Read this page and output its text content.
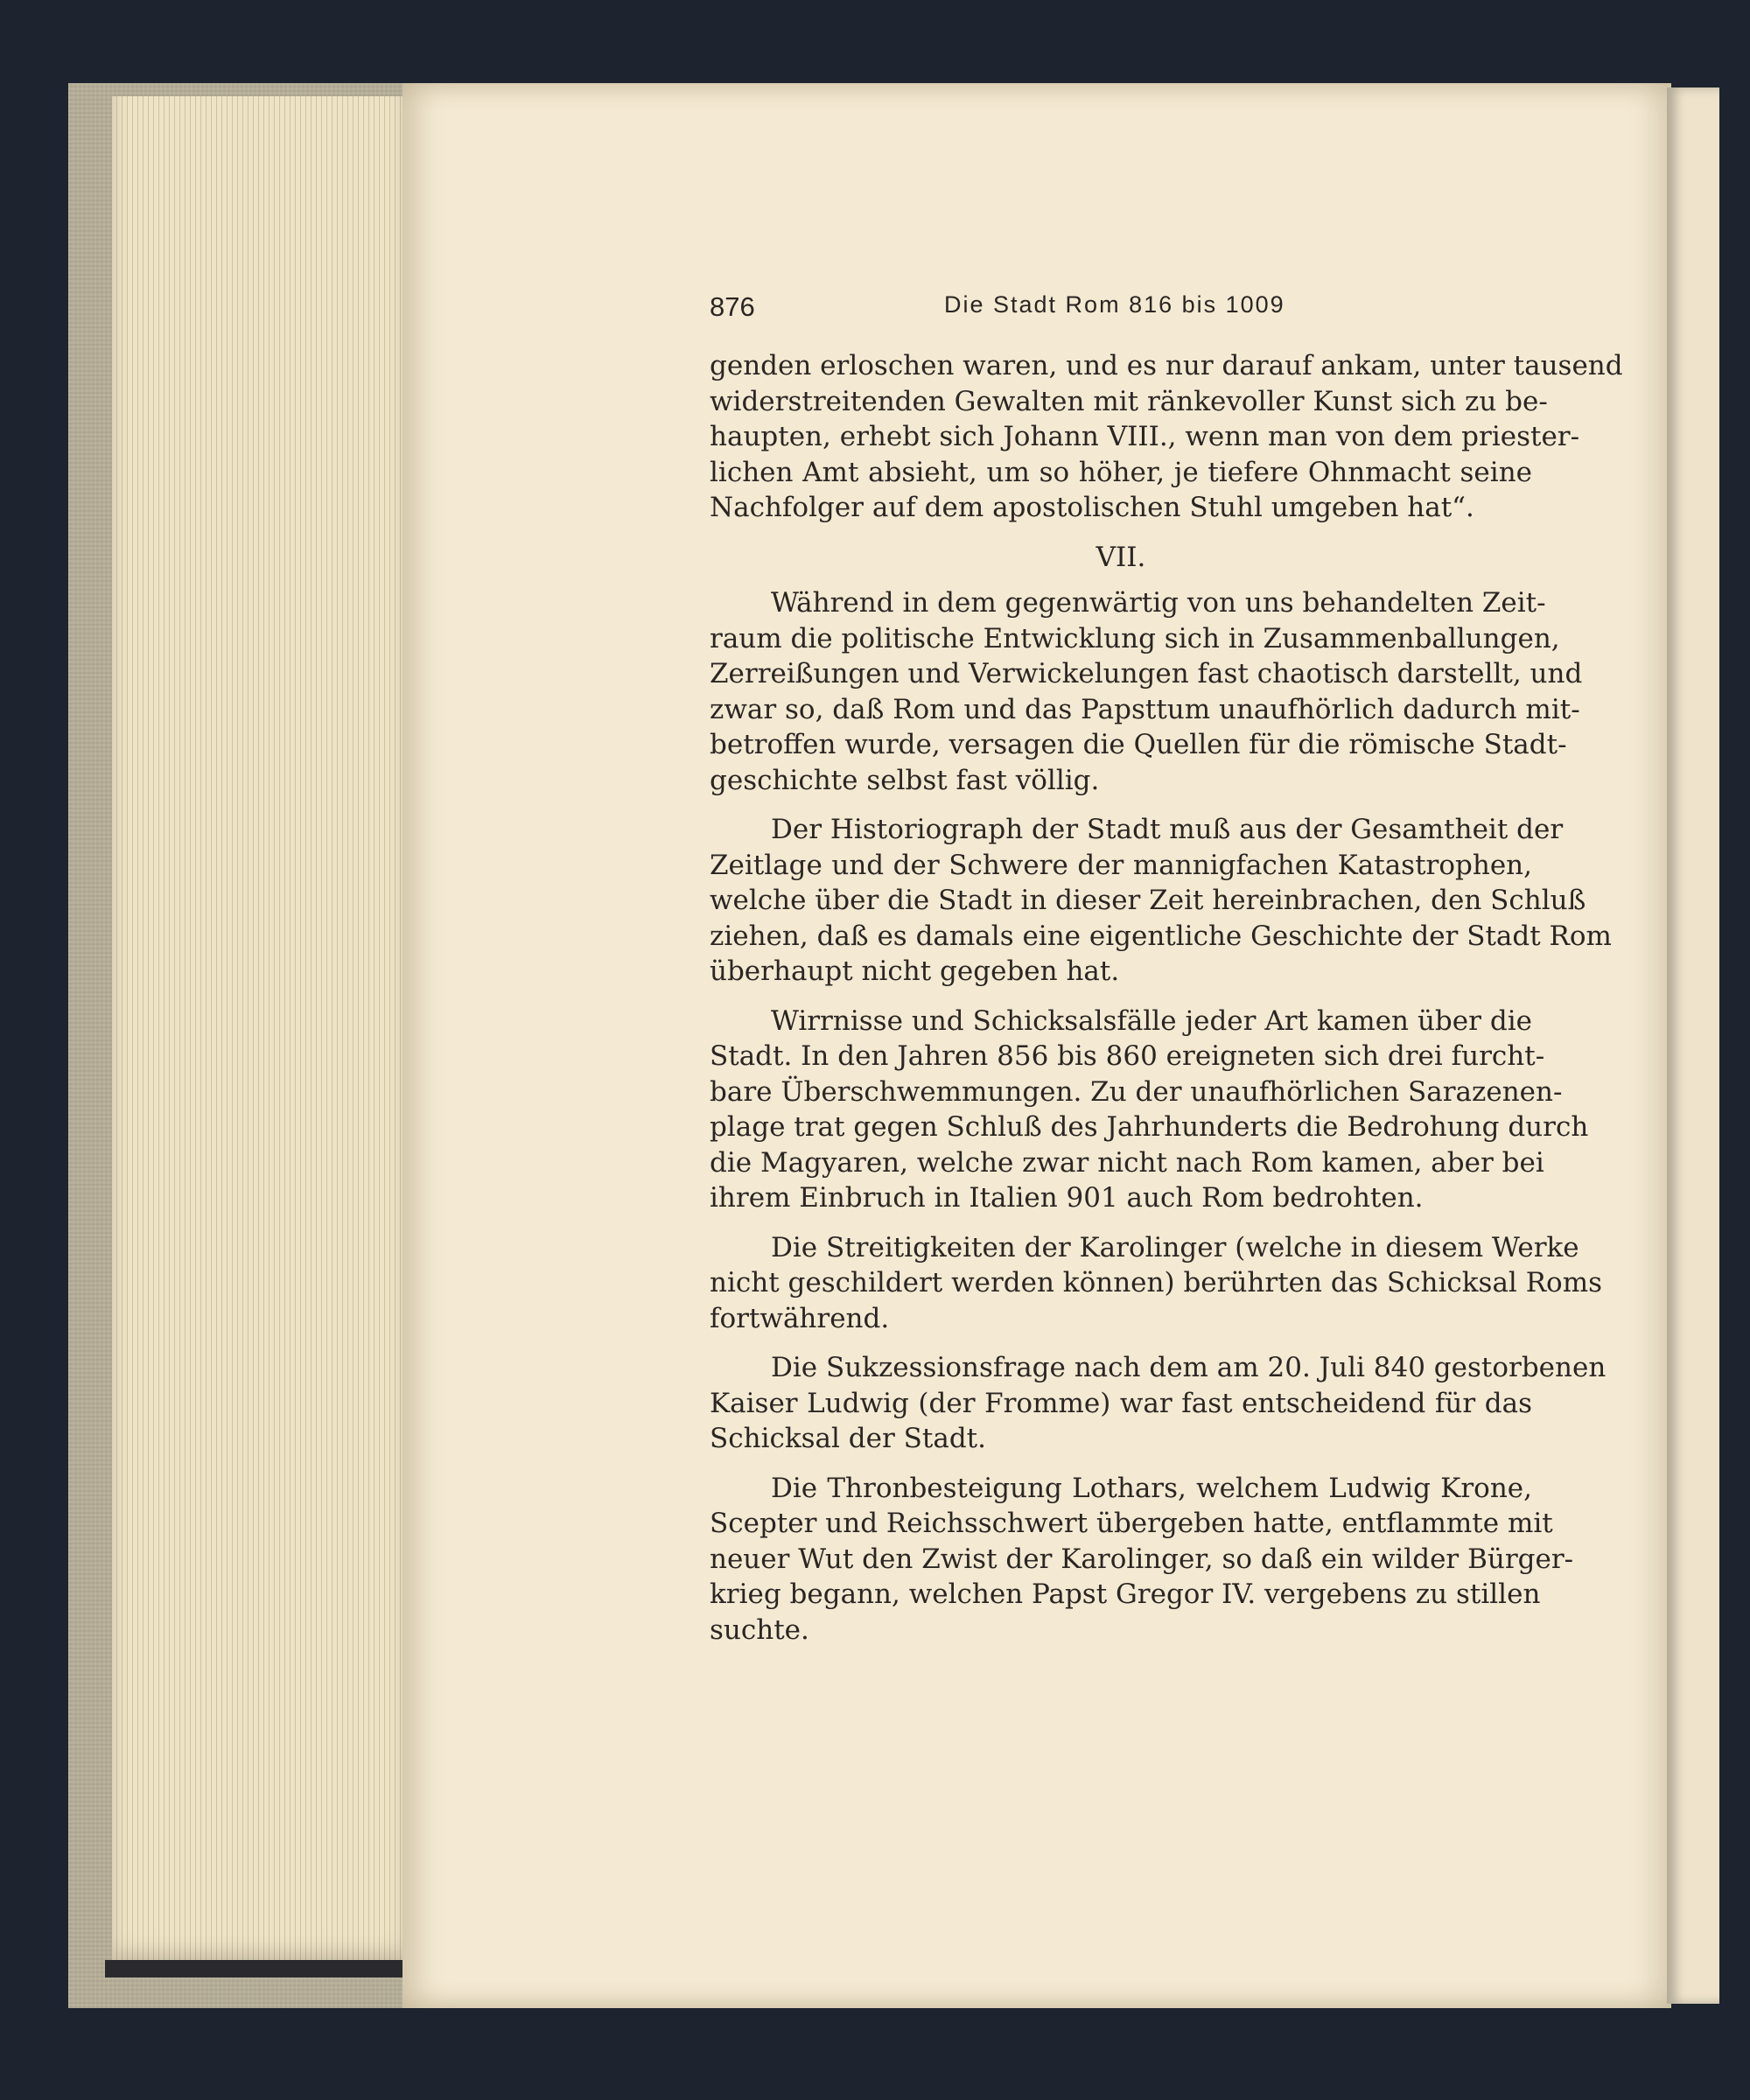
876	Die Stadt Rom 816 bis 1009
genden erloschen waren, und es nur darauf ankam, unter tausend
widerstreitenden Gewalten mit ränkevoller Kunst sich zu be-
haupten, erhebt sich Johann VIII., wenn man von dem priester-
lichen Amt absieht, um so höher, je tiefere Ohnmacht seine
Nachfolger auf dem apostolischen Stuhl umgeben hat“.
VII.
Während in dem gegenwärtig von uns behandelten Zeit-
raum die politische Entwicklung sich in Zusammenballungen,
Zerreißungen und Verwickelungen fast chaotisch darstellt, und
zwar so, daß Rom und das Papsttum unaufhörlich dadurch mit-
betroffen wurde, versagen die Quellen für die römische Stadt-
geschichte selbst fast völlig.
Der Historiograph der Stadt muß aus der Gesamtheit der
Zeitlage und der Schwere der mannigfachen Katastrophen,
welche über die Stadt in dieser Zeit hereinbrachen, den Schluß
ziehen, daß es damals eine eigentliche Geschichte der Stadt Rom
überhaupt nicht gegeben hat.
Wirrnisse und Schicksalsfälle jeder Art kamen über die
Stadt. In den Jahren 856 bis 860 ereigneten sich drei furcht-
bare Überschwemmungen. Zu der unaufhörlichen Sarazenen-
plage trat gegen Schluß des Jahrhunderts die Bedrohung durch
die Magyaren, welche zwar nicht nach Rom kamen, aber bei
ihrem Einbruch in Italien 901 auch Rom bedrohten.
Die Streitigkeiten der Karolinger (welche in diesem Werke
nicht geschildert werden können) berührten das Schicksal Roms
fortwährend.
Die Sukzessionsfrage nach dem am 20. Juli 840 gestorbenen
Kaiser Ludwig (der Fromme) war fast entscheidend für das
Schicksal der Stadt.
Die Thronbesteigung Lothars, welchem Ludwig Krone,
Scepter und Reichsschwert übergeben hatte, entflammte mit
neuer Wut den Zwist der Karolinger, so daß ein wilder Bürger-
krieg begann, welchen Papst Gregor IV. vergebens zu stillen
suchte.
